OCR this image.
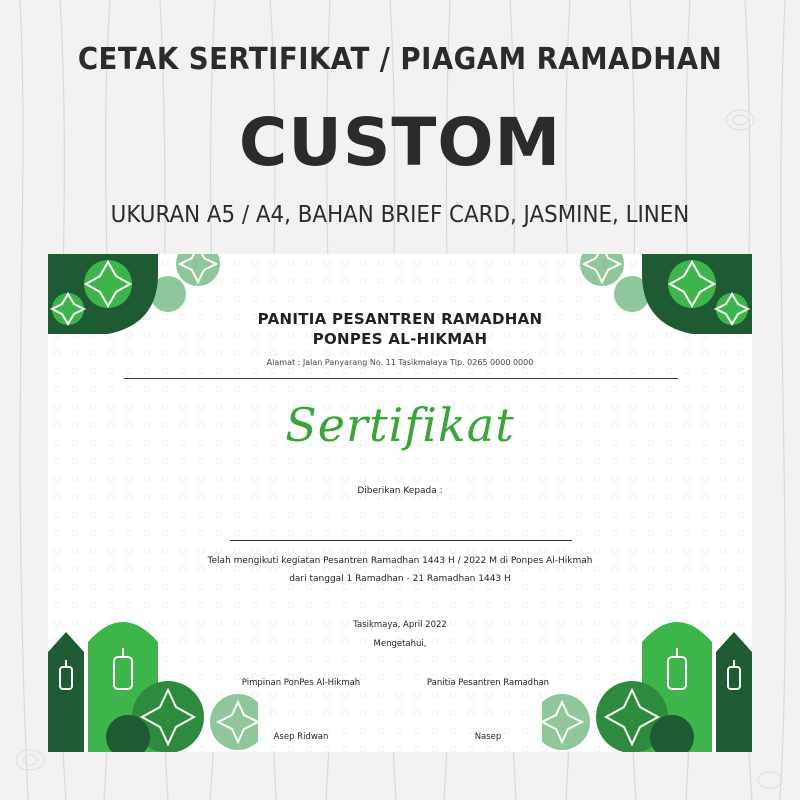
CETAK SERTIFIKAT / PIAGAM RAMADHAN
CUSTOM
UKURAN A5 / A4, BAHAN BRIEF CARD, JASMINE, LINEN
PANITIA PESANTREN RAMADHAN
PONPES AL-HIKMAH
Alamat : Jalan Panyarang No. 11 Tasikmalaya Tlp. 0265 0000 0000
Sertifikat
Diberikan Kepada :
Telah mengikuti kegiatan Pesantren Ramadhan 1443 H / 2022 M di Ponpes Al-Hikmah
dari tanggal 1 Ramadhan - 21 Ramadhan 1443 H
Tasikmaya, April 2022
Mengetahui,
Pimpinan PonPes Al-Hikmah	Panitia Pesantren Ramadhan
Asep Ridwan	Nasep
